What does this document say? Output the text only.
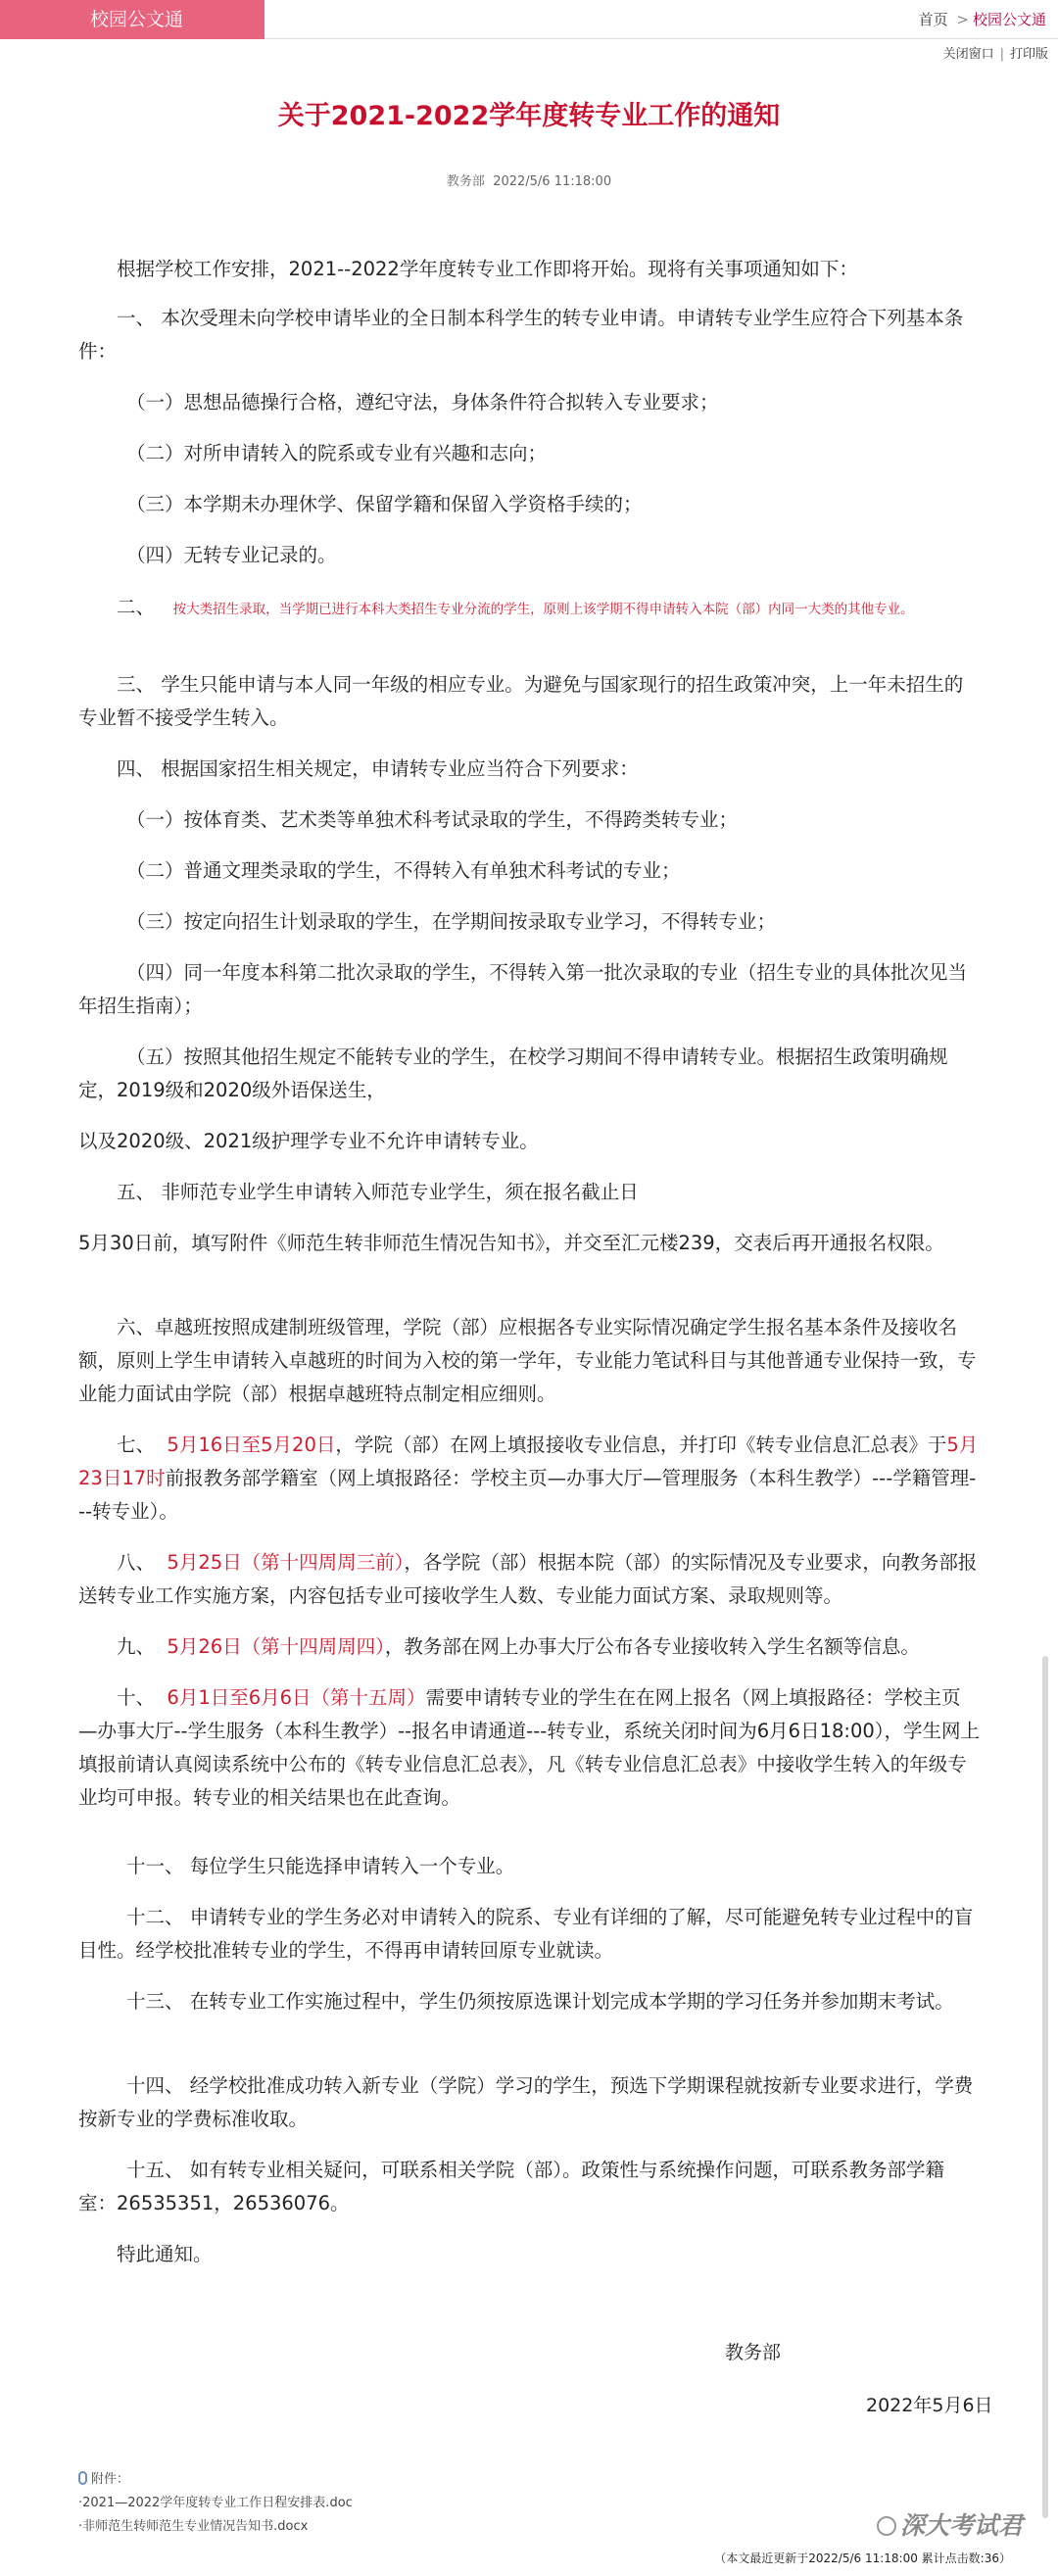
校园公文通	首页 > 校园公文通
关闭窗口 | 打印版
关于2021-2022学年度转专业工作的通知
教务部 2022/5/6 11:18:00
根据学校工作安排，2021--2022学年度转专业工作即将开始。现将有关事项通知如下：
一、 本次受理未向学校申请毕业的全日制本科学生的转专业申请。申请转专业学生应符合下列基本条件：
（一）思想品德操行合格，遵纪守法，身体条件符合拟转入专业要求；
（二）对所申请转入的院系或专业有兴趣和志向；
（三）本学期未办理休学、保留学籍和保留入学资格手续的；
（四）无转专业记录的。
二、 按大类招生录取，当学期已进行本科大类招生专业分流的学生，原则上该学期不得申请转入本院（部）内同一大类的其他专业。
三、 学生只能申请与本人同一年级的相应专业。为避免与国家现行的招生政策冲突，上一年未招生的专业暂不接受学生转入。
四、 根据国家招生相关规定，申请转专业应当符合下列要求：
（一）按体育类、艺术类等单独术科考试录取的学生，不得跨类转专业；
（二）普通文理类录取的学生，不得转入有单独术科考试的专业；
（三）按定向招生计划录取的学生，在学期间按录取专业学习，不得转专业；
（四）同一年度本科第二批次录取的学生，不得转入第一批次录取的专业（招生专业的具体批次见当年招生指南）；
（五）按照其他招生规定不能转专业的学生，在校学习期间不得申请转专业。根据招生政策明确规定，2019级和2020级外语保送生，
以及2020级、2021级护理学专业不允许申请转专业。
五、 非师范专业学生申请转入师范专业学生，须在报名截止日
5月30日前，填写附件《师范生转非师范生情况告知书》，并交至汇元楼239，交表后再开通报名权限。
六、卓越班按照成建制班级管理，学院（部）应根据各专业实际情况确定学生报名基本条件及接收名额，原则上学生申请转入卓越班的时间为入校的第一学年，专业能力笔试科目与其他普通专业保持一致，专业能力面试由学院（部）根据卓越班特点制定相应细则。
七、 5月16日至5月20日，学院（部）在网上填报接收专业信息，并打印《转专业信息汇总表》于5月23日17时前报教务部学籍室（网上填报路径：学校主页—办事大厅—管理服务（本科生教学）---学籍管理---转专业）。
八、 5月25日（第十四周周三前），各学院（部）根据本院（部）的实际情况及专业要求，向教务部报送转专业工作实施方案，内容包括专业可接收学生人数、专业能力面试方案、录取规则等。
九、 5月26日（第十四周周四），教务部在网上办事大厅公布各专业接收转入学生名额等信息。
十、 6月1日至6月6日（第十五周）需要申请转专业的学生在在网上报名（网上填报路径：学校主页—办事大厅--学生服务（本科生教学）--报名申请通道---转专业，系统关闭时间为6月6日18:00），学生网上填报前请认真阅读系统中公布的《转专业信息汇总表》，凡《转专业信息汇总表》中接收学生转入的年级专业均可申报。转专业的相关结果也在此查询。
十一、 每位学生只能选择申请转入一个专业。
十二、 申请转专业的学生务必对申请转入的院系、专业有详细的了解，尽可能避免转专业过程中的盲目性。经学校批准转专业的学生，不得再申请转回原专业就读。
十三、 在转专业工作实施过程中，学生仍须按原选课计划完成本学期的学习任务并参加期末考试。
十四、 经学校批准成功转入新专业（学院）学习的学生，预选下学期课程就按新专业要求进行，学费按新专业的学费标准收取。
十五、 如有转专业相关疑问，可联系相关学院（部）。政策性与系统操作问题，可联系教务部学籍室：26535351，26536076。
特此通知。
教务部
2022年5月6日
附件：
·2021—2022学年度转专业工作日程安排表.doc
·非师范生转师范生专业情况告知书.docx	深大考试君
（本文最近更新于2022/5/6 11:18:00 累计点击数:36）
